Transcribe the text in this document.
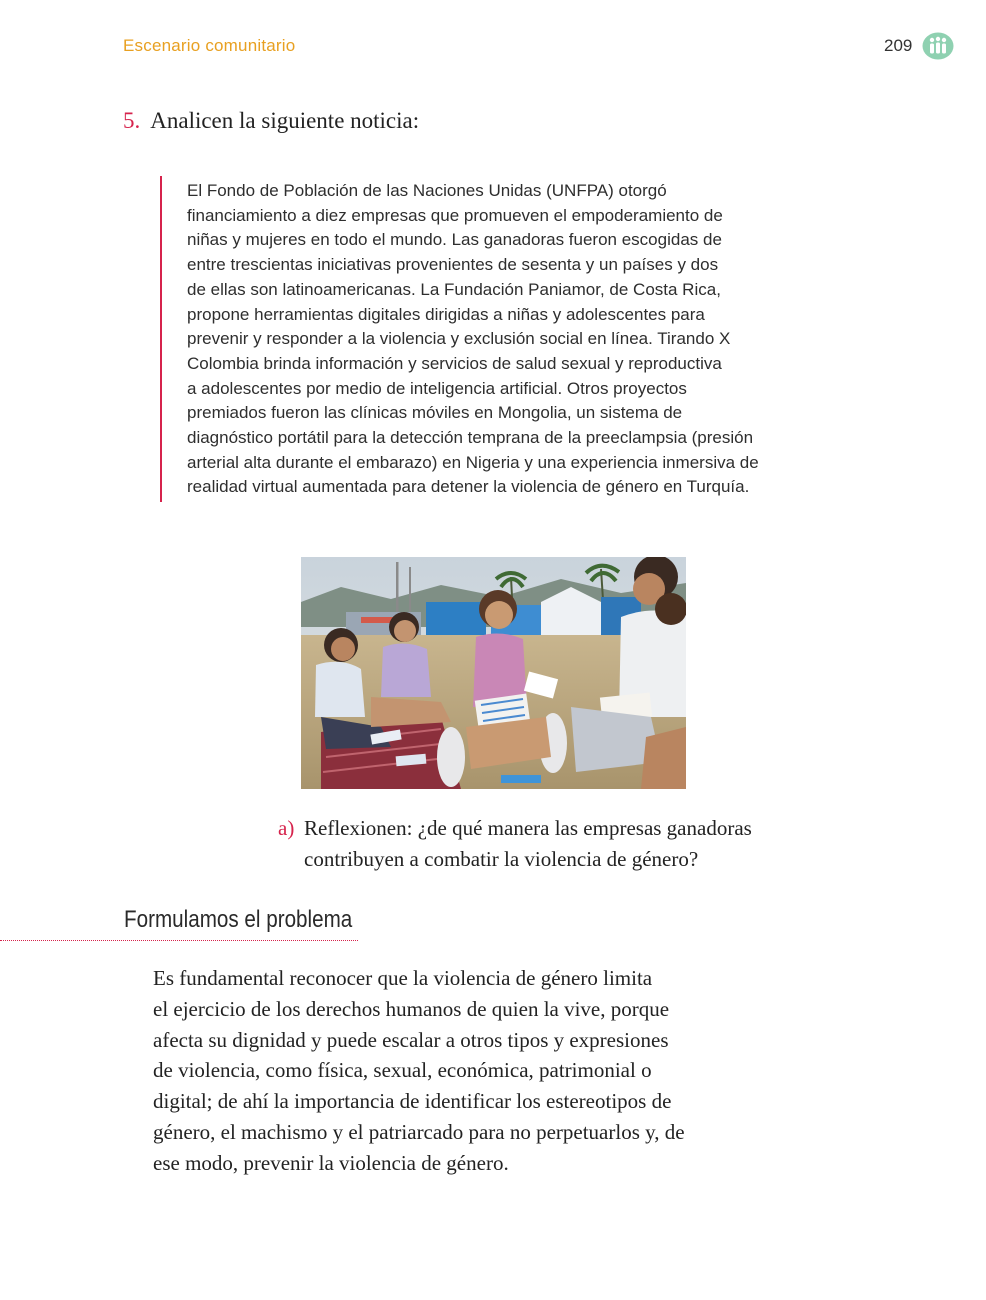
Escenario comunitario	209
5. Analicen la siguiente noticia:
El Fondo de Población de las Naciones Unidas (UNFPA) otorgó
financiamiento a diez empresas que promueven el empoderamiento de
niñas y mujeres en todo el mundo. Las ganadoras fueron escogidas de
entre trescientas iniciativas provenientes de sesenta y un países y dos
de ellas son latinoamericanas. La Fundación Paniamor, de Costa Rica,
propone herramientas digitales dirigidas a niñas y adolescentes para
prevenir y responder a la violencia y exclusión social en línea. Tirando X
Colombia brinda información y servicios de salud sexual y reproductiva
a adolescentes por medio de inteligencia artificial. Otros proyectos
premiados fueron las clínicas móviles en Mongolia, un sistema de
diagnóstico portátil para la detección temprana de la preeclampsia (presión
arterial alta durante el embarazo) en Nigeria y una experiencia inmersiva de
realidad virtual aumentada para detener la violencia de género en Turquía.
a) Reflexionen: ¿de qué manera las empresas ganadoras
contribuyen a combatir la violencia de género?
Formulamos el problema
Es fundamental reconocer que la violencia de género limita
el ejercicio de los derechos humanos de quien la vive, porque
afecta su dignidad y puede escalar a otros tipos y expresiones
de violencia, como física, sexual, económica, patrimonial o
digital; de ahí la importancia de identificar los estereotipos de
género, el machismo y el patriarcado para no perpetuarlos y, de
ese modo, prevenir la violencia de género.
